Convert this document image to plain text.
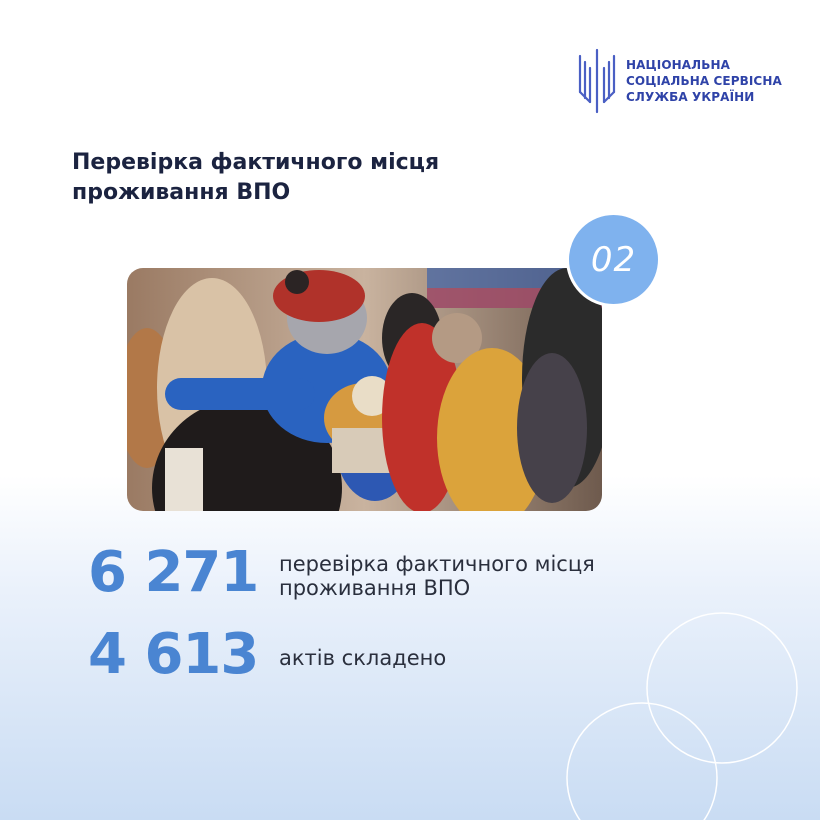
НАЦІОНАЛЬНА
СОЦІАЛЬНА СЕРВІСНА
СЛУЖБА УКРАЇНИ
Перевірка фактичного місця
проживання ВПО
02
6 271 перевірка фактичного місця
проживання ВПО
4 613 актів складено
